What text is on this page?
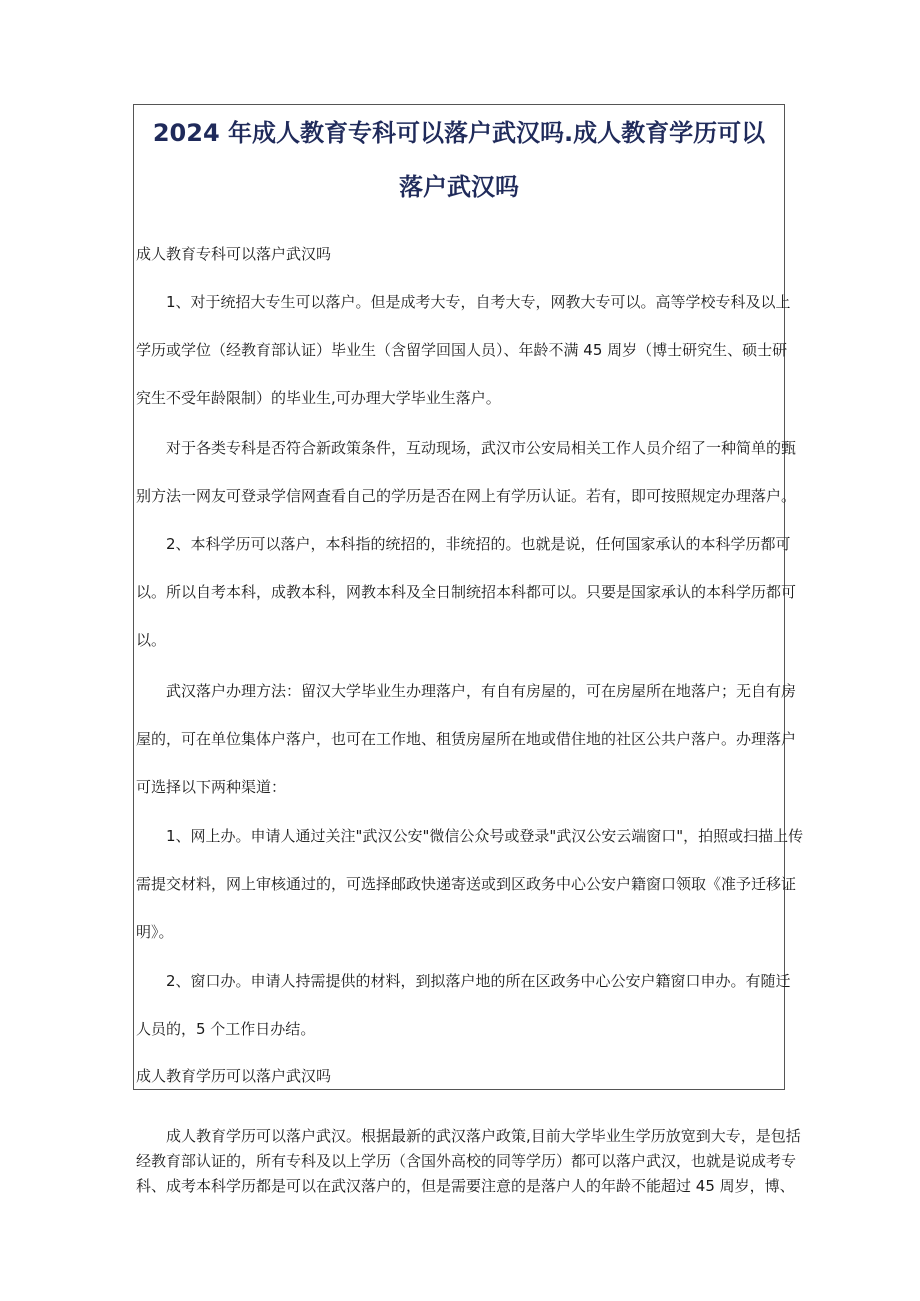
2024 年成人教育专科可以落户武汉吗.成人教育学历可以
落户武汉吗

成人教育专科可以落户武汉吗

1、对于统招大专生可以落户。但是成考大专，自考大专，网教大专可以。高等学校专科及以上

学历或学位（经教育部认证）毕业生（含留学回国人员）、年龄不满 45 周岁（博士研究生、硕士研

究生不受年龄限制）的毕业生,可办理大学毕业生落户。

对于各类专科是否符合新政策条件，互动现场，武汉市公安局相关工作人员介绍了一种简单的甄

别方法一网友可登录学信网查看自己的学历是否在网上有学历认证。若有，即可按照规定办理落户。

2、本科学历可以落户，本科指的统招的，非统招的。也就是说，任何国家承认的本科学历都可

以。所以自考本科，成教本科，网教本科及全日制统招本科都可以。只要是国家承认的本科学历都可

以。

武汉落户办理方法：留汉大学毕业生办理落户，有自有房屋的，可在房屋所在地落户；无自有房

屋的，可在单位集体户落户，也可在工作地、租赁房屋所在地或借住地的社区公共户落户。办理落户

可选择以下两种渠道：

1、网上办。申请人通过关注"武汉公安"微信公众号或登录"武汉公安云端窗口"，拍照或扫描上传

需提交材料，网上审核通过的，可选择邮政快递寄送或到区政务中心公安户籍窗口领取《准予迁移证

明》。

2、窗口办。申请人持需提供的材料，到拟落户地的所在区政务中心公安户籍窗口申办。有随迁

人员的，5 个工作日办结。

成人教育学历可以落户武汉吗

成人教育学历可以落户武汉。根据最新的武汉落户政策,目前大学毕业生学历放宽到大专，是包括

经教育部认证的，所有专科及以上学历（含国外高校的同等学历）都可以落户武汉，也就是说成考专

科、成考本科学历都是可以在武汉落户的，但是需要注意的是落户人的年龄不能超过 45 周岁，博、
